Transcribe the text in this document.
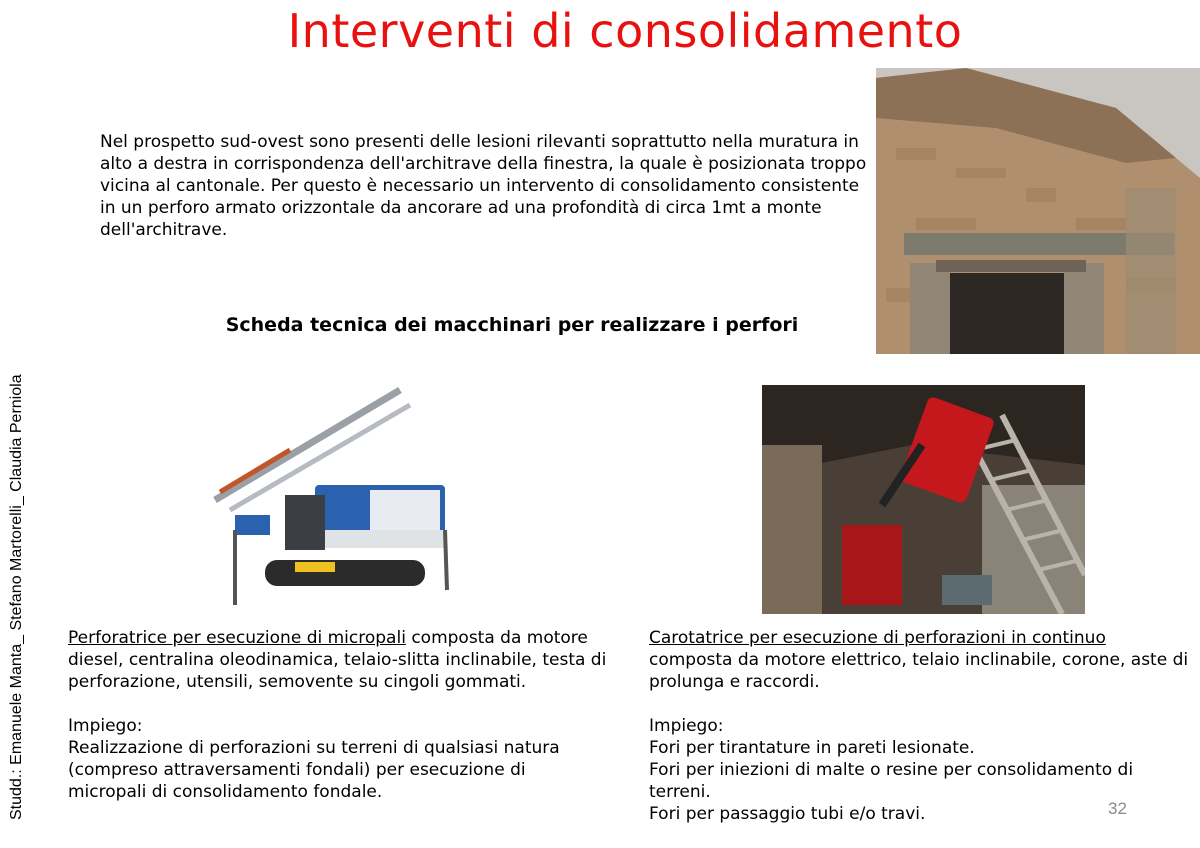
Interventi di consolidamento
Nel prospetto sud-ovest sono presenti delle lesioni rilevanti soprattutto nella muratura in alto a destra in corrispondenza dell'architrave della finestra, la quale è posizionata troppo vicina al cantonale. Per questo è necessario un intervento di consolidamento consistente in un perforo armato orizzontale da ancorare ad una profondità di circa 1mt a monte dell'architrave.
Scheda tecnica dei macchinari per realizzare i perfori
Studd.: Emanuele Manta_ Stefano Martorelli_ Claudia Perniola	Perforatrice per esecuzione di micropali composta da motore diesel, centralina oleodinamica, telaio-slitta inclinabile, testa di perforazione, utensili, semovente su cingoli gommati.

Impiego:

Realizzazione di perforazioni su terreni di qualsiasi natura (compreso attraversamenti fondali) per esecuzione di micropali di consolidamento fondale.

Carotatrice per esecuzione di perforazioni in continuo

composta da motore elettrico, telaio inclinabile, corone, aste di prolunga e raccordi.

Impiego:

Fori per tirantature in pareti lesionate.

Fori per iniezioni di malte o resine per consolidamento di terreni.

Fori per passaggio tubi e/o travi.	32
